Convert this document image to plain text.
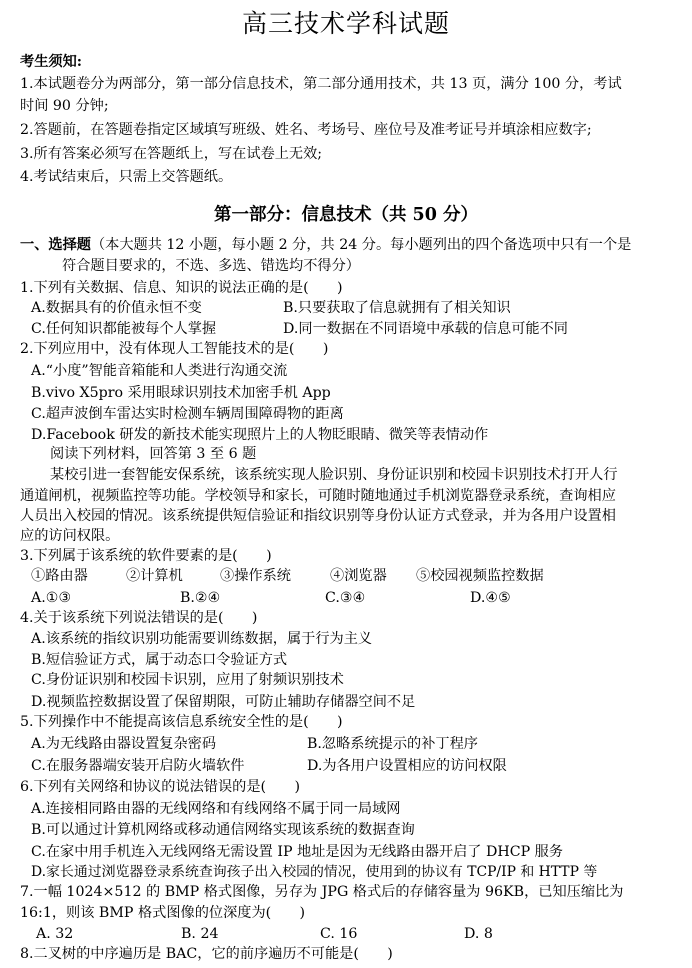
高三技术学科试题
考生须知:
1.本试题卷分为两部分，第一部分信息技术，第二部分通用技术，共 13 页，满分 100 分，考试
时间 90 分钟;
2.答题前，在答题卷指定区域填写班级、姓名、考场号、座位号及准考证号并填涂相应数字;
3.所有答案必须写在答题纸上，写在试卷上无效;
4.考试结束后，只需上交答题纸。
第一部分：信息技术（共 50 分）
一、选择题（本大题共 12 小题，每小题 2 分，共 24 分。每小题列出的四个备选项中只有一个是
符合题目要求的，不选、多选、错选均不得分）
1.下列有关数据、信息、知识的说法正确的是(　　)
A.数据具有的价值永恒不变	B.只要获取了信息就拥有了相关知识
C.任何知识都能被每个人掌握	D.同一数据在不同语境中承载的信息可能不同
2.下列应用中，没有体现人工智能技术的是(　　)
A.“小度”智能音箱能和人类进行沟通交流
B.vivo X5pro 采用眼球识别技术加密手机 App
C.超声波倒车雷达实时检测车辆周围障碍物的距离
D.Facebook 研发的新技术能实现照片上的人物眨眼睛、微笑等表情动作
阅读下列材料，回答第 3 至 6 题
某校引进一套智能安保系统，该系统实现人脸识别、身份证识别和校园卡识别技术打开人行
通道闸机，视频监控等功能。学校领导和家长，可随时随地通过手机浏览器登录系统，查询相应
人员出入校园的情况。该系统提供短信验证和指纹识别等身份认证方式登录，并为各用户设置相
应的访问权限。
3.下列属于该系统的软件要素的是(　　)
①路由器	②计算机	③操作系统	④浏览器 ⑤校园视频监控数据
A.①③	B.②④	C.③④	D.④⑤
4.关于该系统下列说法错误的是(　　)
A.该系统的指纹识别功能需要训练数据，属于行为主义
B.短信验证方式，属于动态口令验证方式
C.身份证识别和校园卡识别，应用了射频识别技术
D.视频监控数据设置了保留期限，可防止辅助存储器空间不足
5.下列操作中不能提高该信息系统安全性的是(　　)
A.为无线路由器设置复杂密码	B.忽略系统提示的补丁程序
C.在服务器端安装开启防火墙软件	D.为各用户设置相应的访问权限
6.下列有关网络和协议的说法错误的是(　　)
A.连接相同路由器的无线网络和有线网络不属于同一局域网
B.可以通过计算机网络或移动通信网络实现该系统的数据查询
C.在家中用手机连入无线网络无需设置 IP 地址是因为无线路由器开启了 DHCP 服务
D.家长通过浏览器登录系统查询孩子出入校园的情况，使用到的协议有 TCP/IP 和 HTTP 等
7.一幅 1024×512 的 BMP 格式图像，另存为 JPG 格式后的存储容量为 96KB，已知压缩比为
16:1，则该 BMP 格式图像的位深度为(　　)
A. 32	B. 24	C. 16	D. 8
8.二叉树的中序遍历是 BAC，它的前序遍历不可能是(　　)
